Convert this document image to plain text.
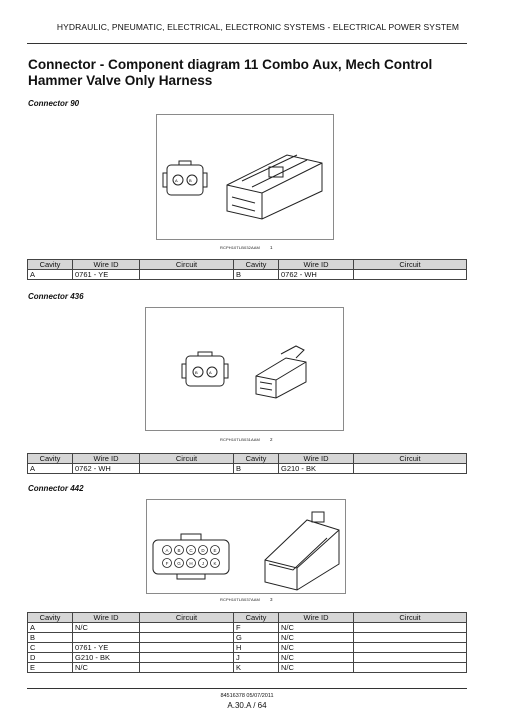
HYDRAULIC, PNEUMATIC, ELECTRICAL, ELECTRONIC SYSTEMS - ELECTRICAL POWER SYSTEM
Connector - Component diagram 11 Combo Aux, Mech Control Hammer Valve Only Harness
Connector 90
A	B
RCPH10TLB032AAM 1
Cavity	Wire ID	Circuit	Cavity	Wire ID	Circuit
A	0761 - YE		B	0762 - WH	
Connector 436
B	A
RCPH10TLB031AAM 2
Cavity	Wire ID	Circuit	Cavity	Wire ID	Circuit
A	0762 - WH		B	G210 - BK	
Connector 442
A B C D E
F G H J K
RCPH10TLB037AAM 3
Cavity	Wire ID	Circuit	Cavity	Wire ID	Circuit
A	N/C		F	N/C	
B			G	N/C	
C	0761 - YE		H	N/C	
D	G210 - BK		J	N/C	
E	N/C		K	N/C	
84516378 05/07/2011
A.30.A / 64
